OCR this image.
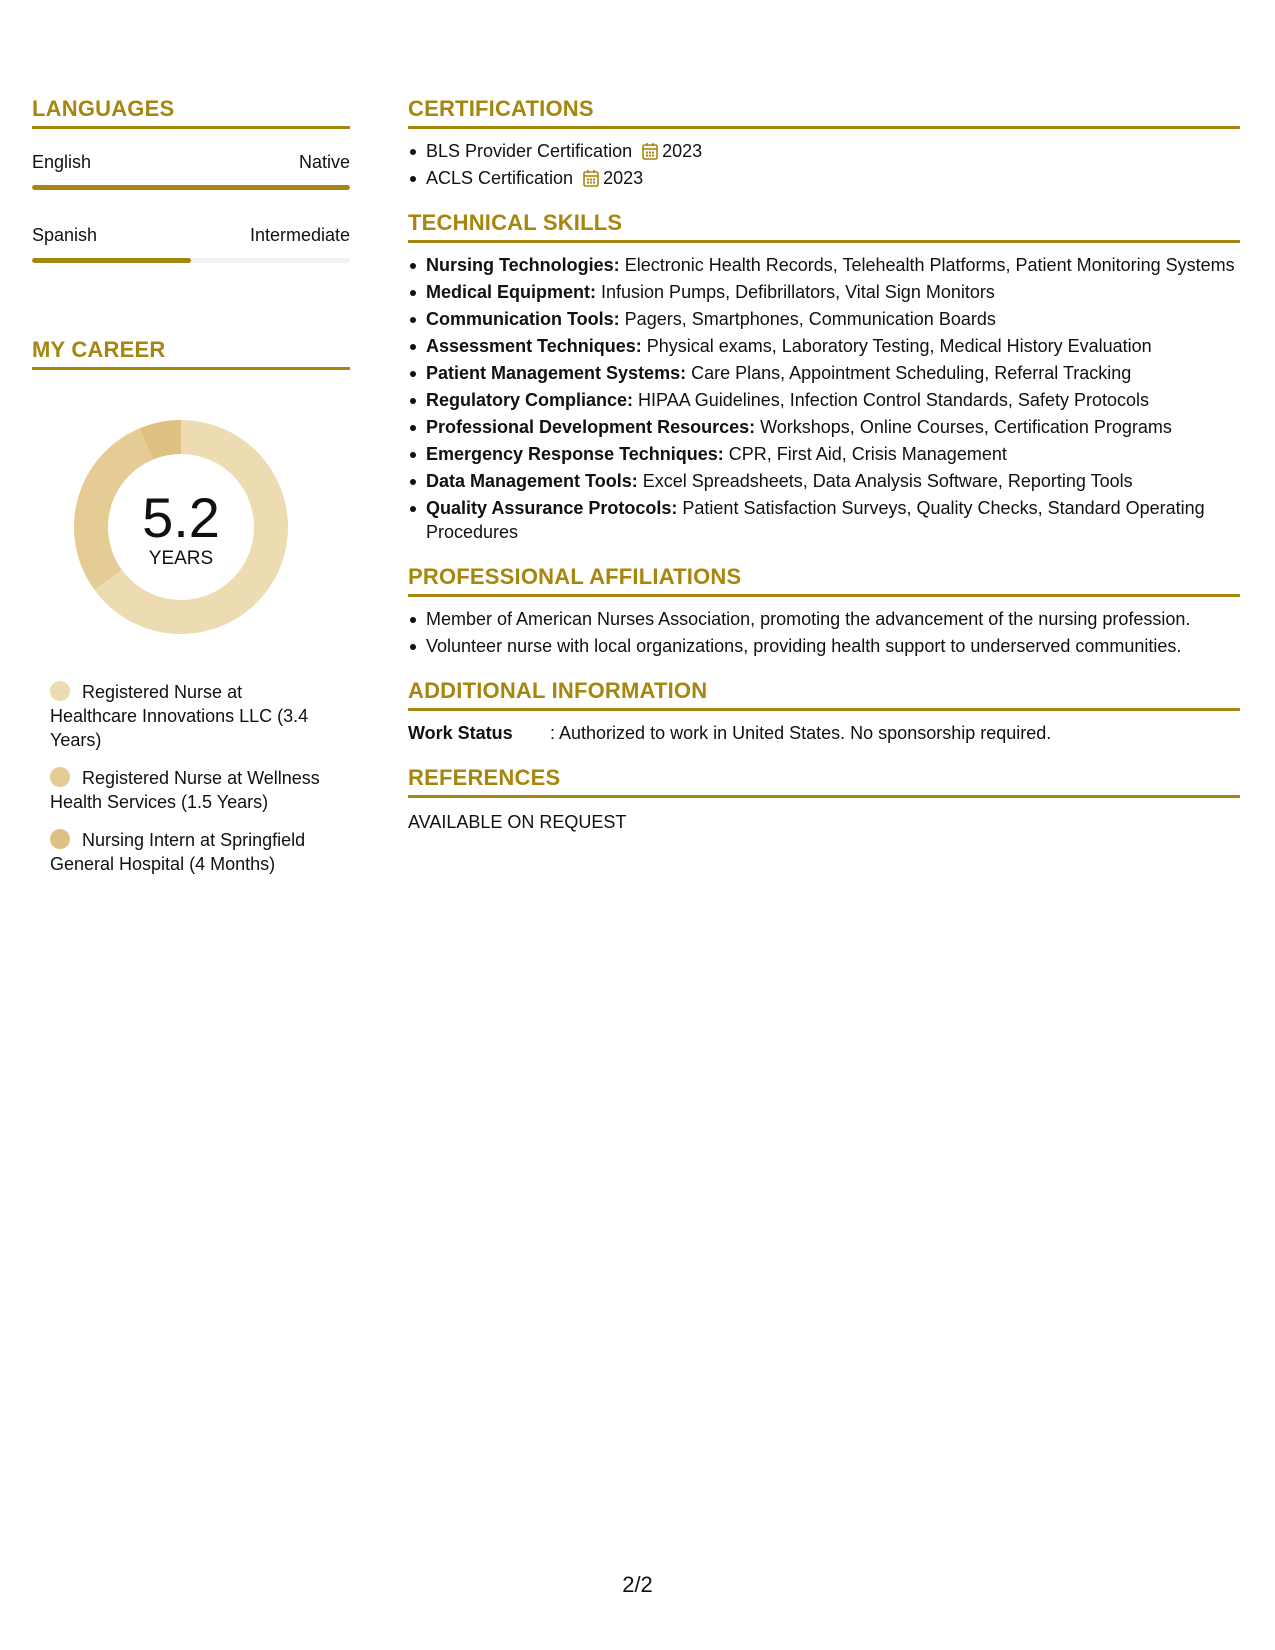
LANGUAGES
English	Native
Spanish	Intermediate
MY CAREER
5.2
YEARS
Registered Nurse at Healthcare Innovations LLC (3.4 Years)
Registered Nurse at Wellness Health Services (1.5 Years)
Nursing Intern at Springfield General Hospital (4 Months)
CERTIFICATIONS
BLS Provider Certification 2023
ACLS Certification 2023
TECHNICAL SKILLS
Nursing Technologies: Electronic Health Records, Telehealth Platforms, Patient Monitoring Systems
Medical Equipment: Infusion Pumps, Defibrillators, Vital Sign Monitors
Communication Tools: Pagers, Smartphones, Communication Boards
Assessment Techniques: Physical exams, Laboratory Testing, Medical History Evaluation
Patient Management Systems: Care Plans, Appointment Scheduling, Referral Tracking
Regulatory Compliance: HIPAA Guidelines, Infection Control Standards, Safety Protocols
Professional Development Resources: Workshops, Online Courses, Certification Programs
Emergency Response Techniques: CPR, First Aid, Crisis Management
Data Management Tools: Excel Spreadsheets, Data Analysis Software, Reporting Tools
Quality Assurance Protocols: Patient Satisfaction Surveys, Quality Checks, Standard Operating Procedures
PROFESSIONAL AFFILIATIONS
Member of American Nurses Association, promoting the advancement of the nursing profession.
Volunteer nurse with local organizations, providing health support to underserved communities.
ADDITIONAL INFORMATION
Work Status	: Authorized to work in United States. No sponsorship required.
REFERENCES
AVAILABLE ON REQUEST
2/2
